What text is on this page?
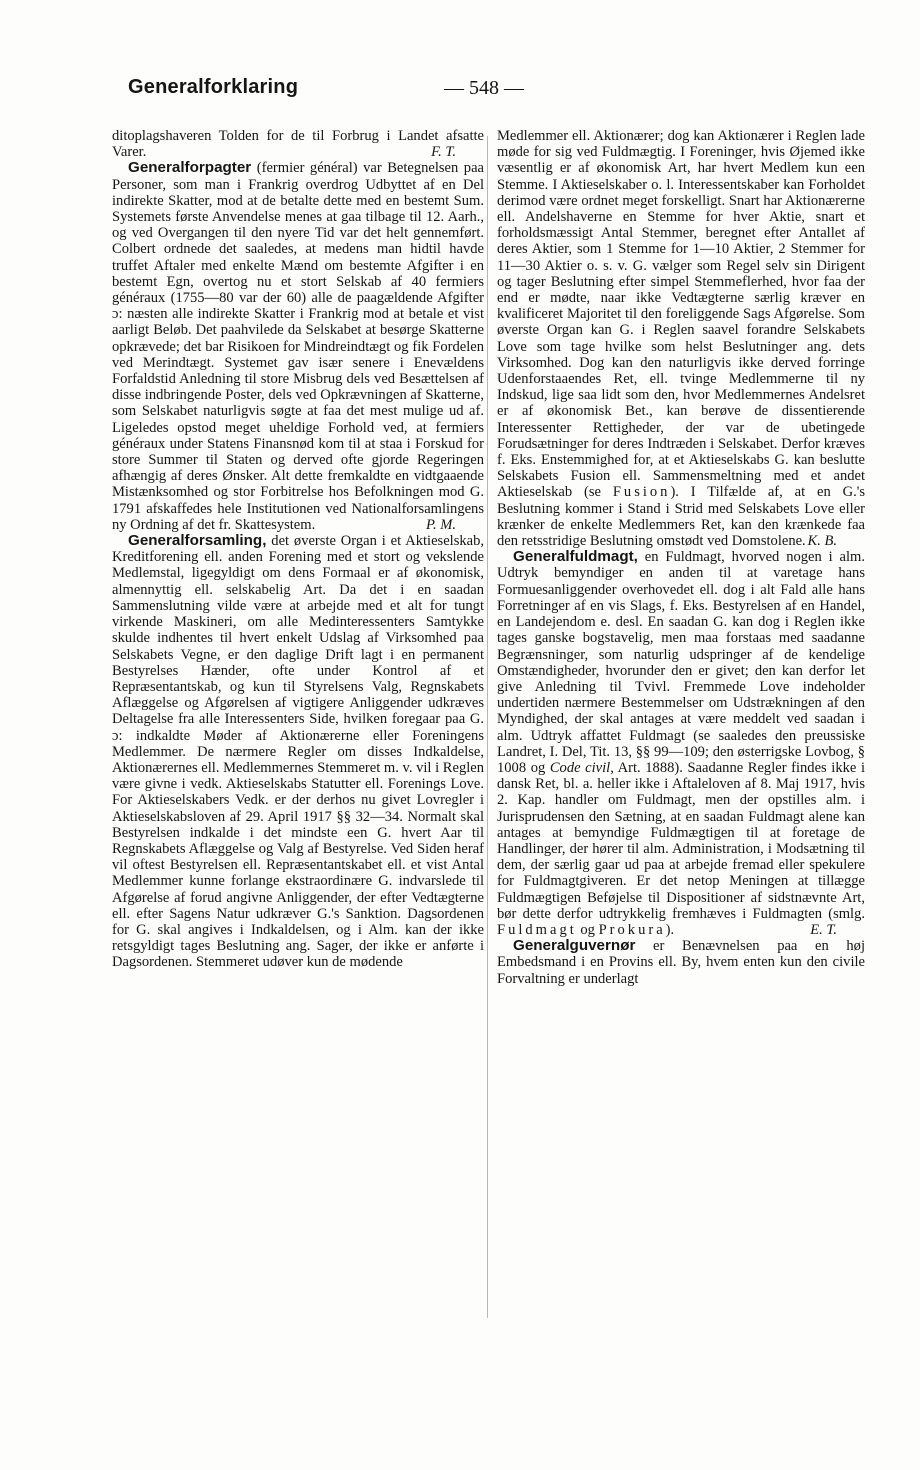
Generalforklaring	— 548 —

ditoplagshaveren Tolden for de til Forbrug i Landet afsatte Varer.	F. T.

Generalforpagter (fermier général) var Betegnelsen paa Personer, som man i Frankrig overdrog Udbyttet af en Del indirekte Skatter, mod at de betalte dette med en bestemt Sum. Systemets første Anvendelse menes at gaa tilbage til 12. Aarh., og ved Overgangen til den nyere Tid var det helt gennemført. Colbert ordnede det saaledes, at medens man hidtil havde truffet Aftaler med enkelte Mænd om bestemte Afgifter i en bestemt Egn, overtog nu et stort Selskab af 40 fermiers généraux (1755—80 var der 60) alle de paagældende Afgifter ɔ: næsten alle indirekte Skatter i Frankrig mod at betale et vist aarligt Beløb. Det paahvilede da Selskabet at besørge Skatterne opkrævede; det bar Risikoen for Mindreindtægt og fik Fordelen ved Merindtægt. Systemet gav især senere i Enevældens Forfaldstid Anledning til store Misbrug dels ved Besættelsen af disse indbringende Poster, dels ved Opkrævningen af Skatterne, som Selskabet naturligvis søgte at faa det mest mulige ud af. Ligeledes opstod meget uheldige Forhold ved, at fermiers généraux under Statens Finansnød kom til at staa i Forskud for store Summer til Staten og derved ofte gjorde Regeringen afhængig af deres Ønsker. Alt dette fremkaldte en vidtgaaende Mistænksomhed og stor Forbitrelse hos Befolkningen mod G. 1791 afskaffedes hele Institutionen ved Nationalforsamlingens ny Ordning af det fr. Skattesystem.	P. M.

Generalforsamling, det øverste Organ i et Aktieselskab, Kreditforening ell. anden Forening med et stort og vekslende Medlemstal, ligegyldigt om dens Formaal er af økonomisk, almennyttig ell. selskabelig Art. Da det i en saadan Sammenslutning vilde være at arbejde med et alt for tungt virkende Maskineri, om alle Medinteressenters Samtykke skulde indhentes til hvert enkelt Udslag af Virksomhed paa Selskabets Vegne, er den daglige Drift lagt i en permanent Bestyrelses Hænder, ofte under Kontrol af et Repræsentantskab, og kun til Styrelsens Valg, Regnskabets Aflæggelse og Afgørelsen af vigtigere Anliggender udkræves Deltagelse fra alle Interessenters Side, hvilken foregaar paa G. ɔ: indkaldte Møder af Aktionærerne eller Foreningens Medlemmer. De nærmere Regler om disses Indkaldelse, Aktionærernes ell. Medlemmernes Stemmeret m. v. vil i Reglen være givne i vedk. Aktieselskabs Statutter ell. Forenings Love. For Aktieselskabers Vedk. er der derhos nu givet Lovregler i Aktieselskabsloven af 29. April 1917 §§ 32—34. Normalt skal Bestyrelsen indkalde i det mindste een G. hvert Aar til Regnskabets Aflæggelse og Valg af Bestyrelse. Ved Siden heraf vil oftest Bestyrelsen ell. Repræsentantskabet ell. et vist Antal Medlemmer kunne forlange ekstraordinære G. indvarslede til Afgørelse af forud angivne Anliggender, der efter Vedtægterne ell. efter Sagens Natur udkræver G.'s Sanktion. Dagsordenen for G. skal angives i Indkaldelsen, og i Alm. kan der ikke retsgyldigt tages Beslutning ang. Sager, der ikke er anførte i Dagsordenen. Stemmeret udøver kun de mødende

Medlemmer ell. Aktionærer; dog kan Aktionærer i Reglen lade møde for sig ved Fuldmægtig. I Foreninger, hvis Øjemed ikke væsentlig er af økonomisk Art, har hvert Medlem kun een Stemme. I Aktieselskaber o. l. Interessentskaber kan Forholdet derimod være ordnet meget forskelligt. Snart har Aktionærerne ell. Andelshaverne en Stemme for hver Aktie, snart et forholdsmæssigt Antal Stemmer, beregnet efter Antallet af deres Aktier, som 1 Stemme for 1—10 Aktier, 2 Stemmer for 11—30 Aktier o. s. v. G. vælger som Regel selv sin Dirigent og tager Beslutning efter simpel Stemmeflerhed, hvor faa der end er mødte, naar ikke Vedtægterne særlig kræver en kvalificeret Majoritet til den foreliggende Sags Afgørelse. Som øverste Organ kan G. i Reglen saavel forandre Selskabets Love som tage hvilke som helst Beslutninger ang. dets Virksomhed. Dog kan den naturligvis ikke derved forringe Udenforstaaendes Ret, ell. tvinge Medlemmerne til ny Indskud, lige saa lidt som den, hvor Medlemmernes Andelsret er af økonomisk Bet., kan berøve de dissentierende Interessenter Rettigheder, der var de ubetingede Forudsætninger for deres Indtræden i Selskabet. Derfor kræves f. Eks. Enstemmighed for, at et Aktieselskabs G. kan beslutte Selskabets Fusion ell. Sammensmeltning med et andet Aktieselskab (se Fusion). I Tilfælde af, at en G.'s Beslutning kommer i Stand i Strid med Selskabets Love eller krænker de enkelte Medlemmers Ret, kan den krænkede faa den retsstridige Beslutning omstødt ved Domstolene. K. B.

Generalfuldmagt, en Fuldmagt, hvorved nogen i alm. Udtryk bemyndiger en anden til at varetage hans Formuesanliggender overhovedet ell. dog i alt Fald alle hans Forretninger af en vis Slags, f. Eks. Bestyrelsen af en Handel, en Landejendom e. desl. En saadan G. kan dog i Reglen ikke tages ganske bogstavelig, men maa forstaas med saadanne Begrænsninger, som naturlig udspringer af de kendelige Omstændigheder, hvorunder den er givet; den kan derfor let give Anledning til Tvivl. Fremmede Love indeholder undertiden nærmere Bestemmelser om Udstrækningen af den Myndighed, der skal antages at være meddelt ved saadan i alm. Udtryk affattet Fuldmagt (se saaledes den preussiske Landret, I. Del, Tit. 13, §§ 99—109; den østerrigske Lovbog, § 1008 og Code civil, Art. 1888). Saadanne Regler findes ikke i dansk Ret, bl. a. heller ikke i Aftaleloven af 8. Maj 1917, hvis 2. Kap. handler om Fuldmagt, men der opstilles alm. i Jurisprudensen den Sætning, at en saadan Fuldmagt alene kan antages at bemyndige Fuldmægtigen til at foretage de Handlinger, der hører til alm. Administration, i Modsætning til dem, der særlig gaar ud paa at arbejde fremad eller spekulere for Fuldmagtgiveren. Er det netop Meningen at tillægge Fuldmægtigen Beføjelse til Dispositioner af sidstnævnte Art, bør dette derfor udtrykkelig fremhæves i Fuldmagten (smlg. Fuldmagt og Prokura).	E. T.

Generalguvernør er Benævnelsen paa en høj Embedsmand i en Provins ell. By, hvem enten kun den civile Forvaltning er underlagt
